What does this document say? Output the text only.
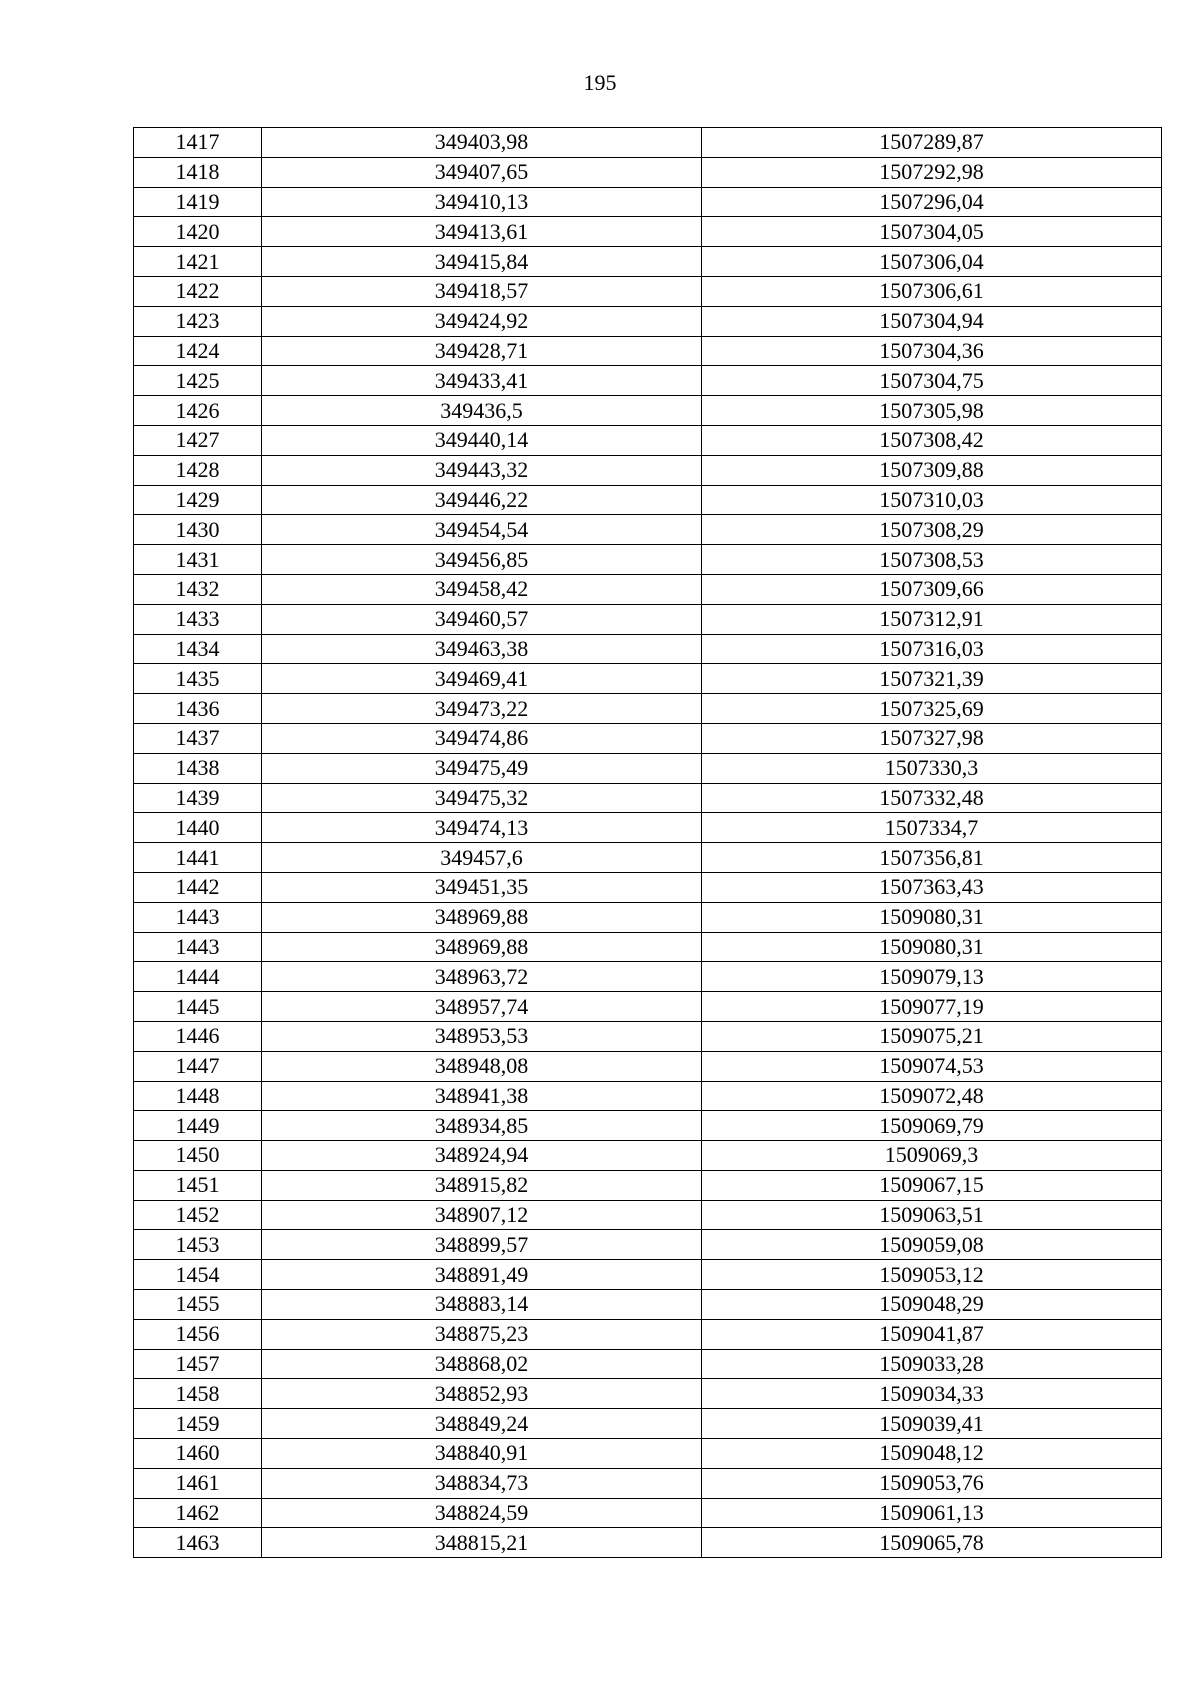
195
1417	349403,98	1507289,87
1418	349407,65	1507292,98
1419	349410,13	1507296,04
1420	349413,61	1507304,05
1421	349415,84	1507306,04
1422	349418,57	1507306,61
1423	349424,92	1507304,94
1424	349428,71	1507304,36
1425	349433,41	1507304,75
1426	349436,5	1507305,98
1427	349440,14	1507308,42
1428	349443,32	1507309,88
1429	349446,22	1507310,03
1430	349454,54	1507308,29
1431	349456,85	1507308,53
1432	349458,42	1507309,66
1433	349460,57	1507312,91
1434	349463,38	1507316,03
1435	349469,41	1507321,39
1436	349473,22	1507325,69
1437	349474,86	1507327,98
1438	349475,49	1507330,3
1439	349475,32	1507332,48
1440	349474,13	1507334,7
1441	349457,6	1507356,81
1442	349451,35	1507363,43
1443	348969,88	1509080,31
1443	348969,88	1509080,31
1444	348963,72	1509079,13
1445	348957,74	1509077,19
1446	348953,53	1509075,21
1447	348948,08	1509074,53
1448	348941,38	1509072,48
1449	348934,85	1509069,79
1450	348924,94	1509069,3
1451	348915,82	1509067,15
1452	348907,12	1509063,51
1453	348899,57	1509059,08
1454	348891,49	1509053,12
1455	348883,14	1509048,29
1456	348875,23	1509041,87
1457	348868,02	1509033,28
1458	348852,93	1509034,33
1459	348849,24	1509039,41
1460	348840,91	1509048,12
1461	348834,73	1509053,76
1462	348824,59	1509061,13
1463	348815,21	1509065,78
